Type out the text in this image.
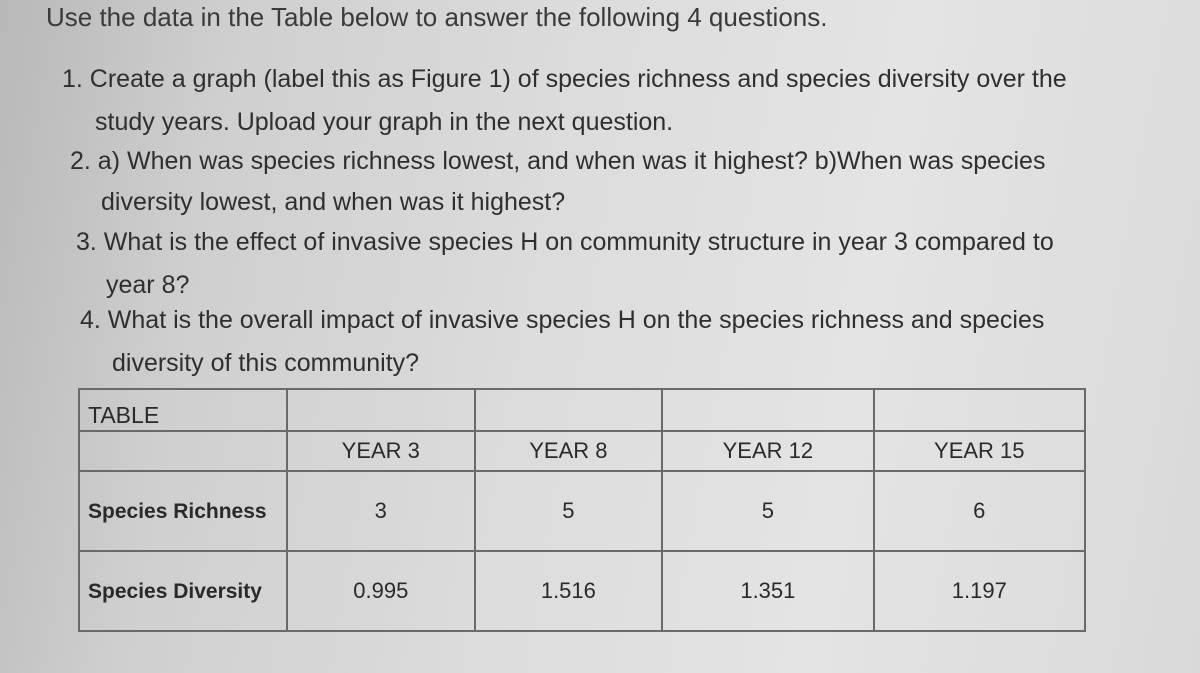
Use the data in the Table below to answer the following 4 questions.

1. Create a graph (label this as Figure 1) of species richness and species diversity over the

study years. Upload your graph in the next question.

2. a) When was species richness lowest, and when was it highest? b)When was species

diversity lowest, and when was it highest?

3. What is the effect of invasive species H on community structure in year 3 compared to

year 8?

4. What is the overall impact of invasive species H on the species richness and species

diversity of this community?

TABLE				
	YEAR 3	YEAR 8	YEAR 12	YEAR 15
Species Richness	3	5	5	6
Species Diversity	0.995	1.516	1.351	1.197
